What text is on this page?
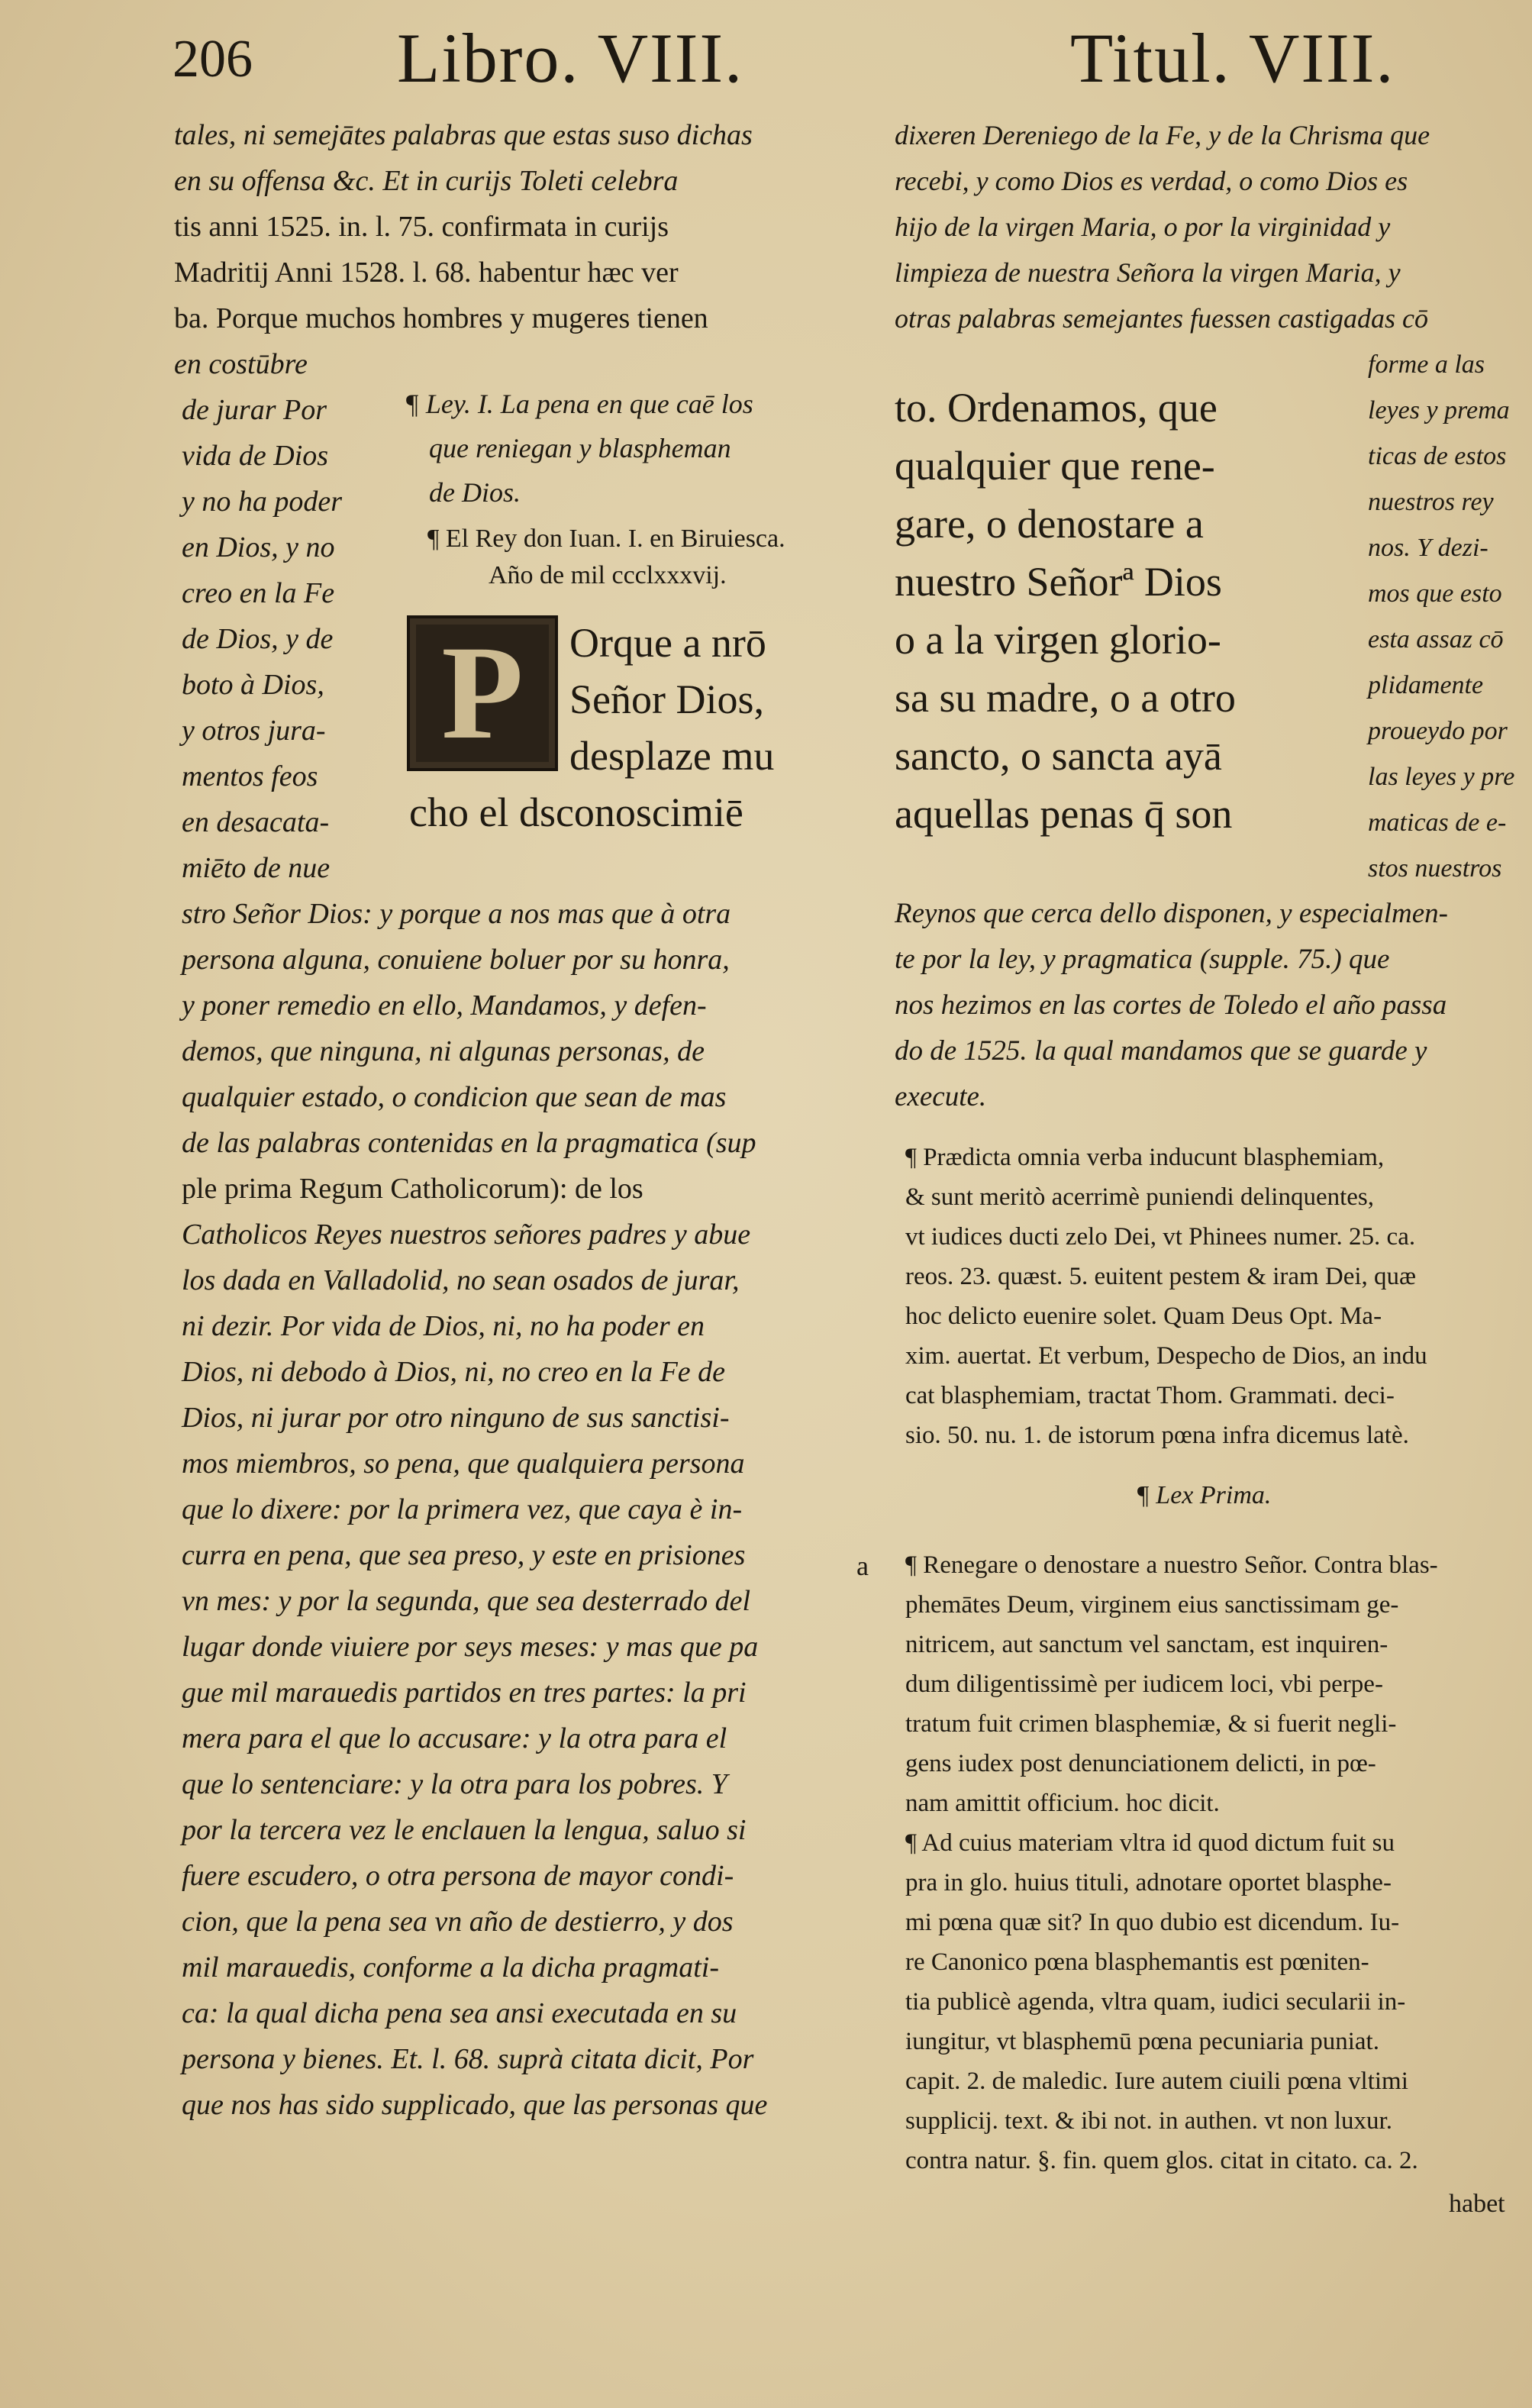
206 Libro. VIII.	Titul. VIII.
tales, ni semejātes palabras que estas suso dichas
en su offensa &c. Et in curijs Toleti celebra
tis anni 1525. in. l. 75. confirmata in curijs
Madritij Anni 1528. l. 68. habentur hæc ver
ba. Porque muchos hombres y mugeres tienen
en costūbre
de jurar Por
vida de Dios
y no ha poder
en Dios, y no
creo en la Fe
de Dios, y de
boto à Dios,
y otros jura-
mentos feos
en desacata-
miēto de nue
¶ Ley. I. La pena en que caē los
que reniegan y blaspheman
de Dios.
¶ El Rey don Iuan. I. en Biruiesca.
Año de mil ccclxxxvij.
P	Orque a nrō
Señor Dios,
desplaze mu
cho el dsconoscimiē
stro Señor Dios: y porque a nos mas que à otra
persona alguna, conuiene boluer por su honra,
y poner remedio en ello, Mandamos, y defen-
demos, que ninguna, ni algunas personas, de
qualquier estado, o condicion que sean de mas
de las palabras contenidas en la pragmatica (sup
ple prima Regum Catholicorum): de los
Catholicos Reyes nuestros señores padres y abue
los dada en Valladolid, no sean osados de jurar,
ni dezir. Por vida de Dios, ni, no ha poder en
Dios, ni debodo à Dios, ni, no creo en la Fe de
Dios, ni jurar por otro ninguno de sus sanctisi-
mos miembros, so pena, que qualquiera persona
que lo dixere: por la primera vez, que caya è in-
curra en pena, que sea preso, y este en prisiones
vn mes: y por la segunda, que sea desterrado del
lugar donde viuiere por seys meses: y mas que pa
gue mil marauedis partidos en tres partes: la pri
mera para el que lo accusare: y la otra para el
que lo sentenciare: y la otra para los pobres. Y
por la tercera vez le enclauen la lengua, saluo si
fuere escudero, o otra persona de mayor condi-
cion, que la pena sea vn año de destierro, y dos
mil marauedis, conforme a la dicha pragmati-
ca: la qual dicha pena sea ansi executada en su
persona y bienes. Et. l. 68. suprà citata dicit, Por
que nos has sido supplicado, que las personas que
dixeren Dereniego de la Fe, y de la Chrisma que
recebi, y como Dios es verdad, o como Dios es
hijo de la virgen Maria, o por la virginidad y
limpieza de nuestra Señora la virgen Maria, y
otras palabras semejantes fuessen castigadas cō
forme a las
leyes y prema
ticas de estos
nuestros rey
nos. Y dezi-
mos que esto
esta assaz cō
plidamente
proueydo por
las leyes y pre
maticas de e-
stos nuestros
to. Ordenamos, que
qualquier que rene-
gare, o denostare a
nuestro Señorª Dios
o a la virgen glorio-
sa su madre, o a otro
sancto, o sancta ayā
aquellas penas q̄ son
Reynos que cerca dello disponen, y especialmen-
te por la ley, y pragmatica (supple. 75.) que
nos hezimos en las cortes de Toledo el año passa
do de 1525. la qual mandamos que se guarde y
execute.
¶ Prædicta omnia verba inducunt blasphemiam,
& sunt meritò acerrimè puniendi delinquentes,
vt iudices ducti zelo Dei, vt Phinees numer. 25. ca.
reos. 23. quæst. 5. euitent pestem & iram Dei, quæ
hoc delicto euenire solet. Quam Deus Opt. Ma-
xim. auertat. Et verbum, Despecho de Dios, an indu
cat blasphemiam, tractat Thom. Grammati. deci-
sio. 50. nu. 1. de istorum pœna infra dicemus latè.
¶ Lex Prima.
a ¶ Renegare o denostare a nuestro Señor. Contra blas-
phemātes Deum, virginem eius sanctissimam ge-
nitricem, aut sanctum vel sanctam, est inquiren-
dum diligentissimè per iudicem loci, vbi perpe-
tratum fuit crimen blasphemiæ, & si fuerit negli-
gens iudex post denunciationem delicti, in pœ-
nam amittit officium. hoc dicit.
¶ Ad cuius materiam vltra id quod dictum fuit su
pra in glo. huius tituli, adnotare oportet blasphe-
mi pœna quæ sit? In quo dubio est dicendum. Iu-
re Canonico pœna blasphemantis est pœniten-
tia publicè agenda, vltra quam, iudici secularii in-
iungitur, vt blasphemū pœna pecuniaria puniat.
capit. 2. de maledic. Iure autem ciuili pœna vltimi
supplicij. text. & ibi not. in authen. vt non luxur.
contra natur. §. fin. quem glos. citat in citato. ca. 2.
habet
